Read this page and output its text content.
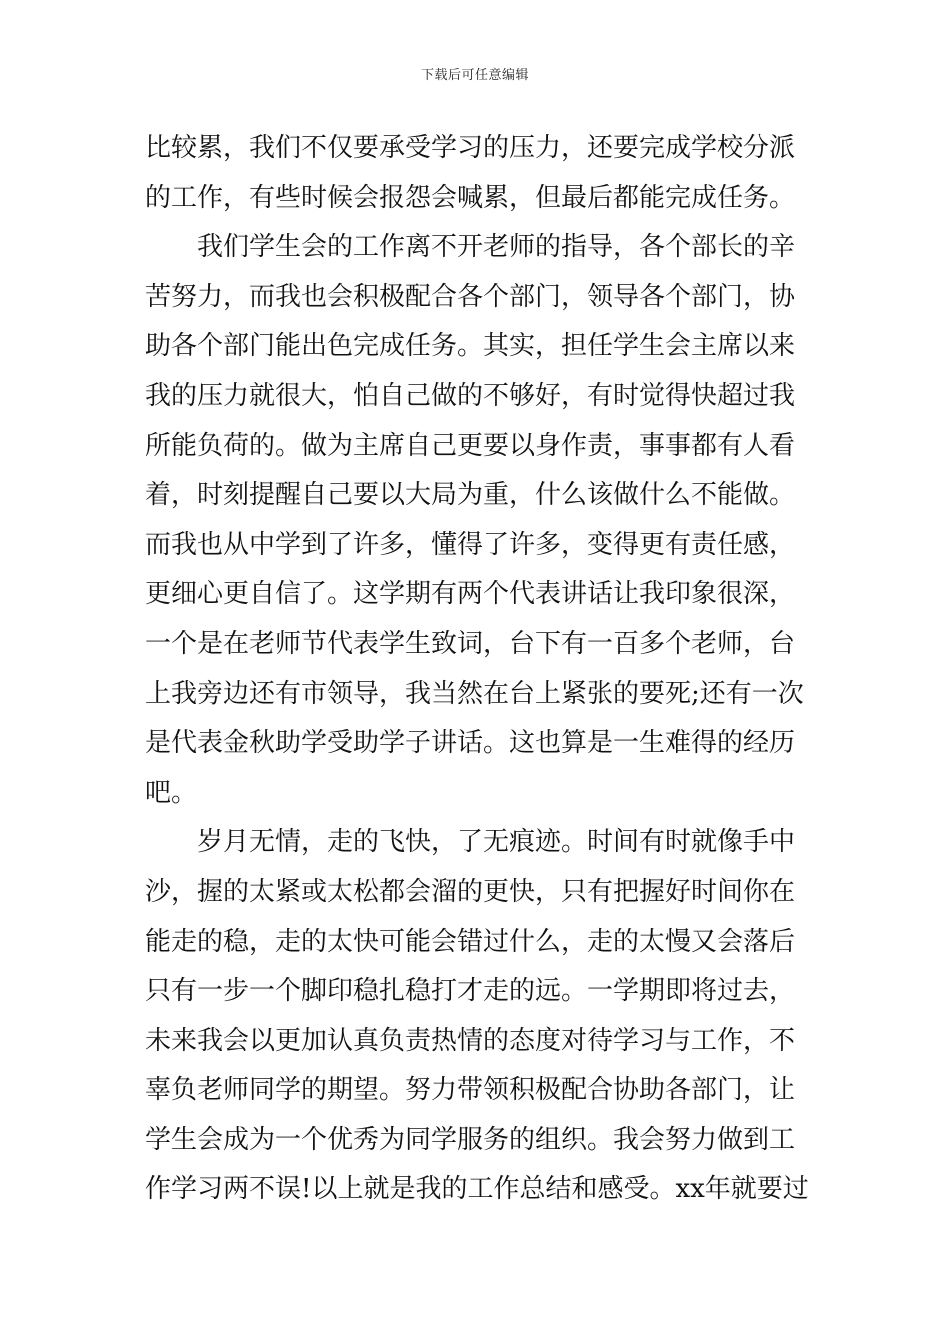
下载后可任意编辑
比较累，我们不仅要承受学习的压力，还要完成学校分派
的工作，有些时候会报怨会喊累，但最后都能完成任务。
我们学生会的工作离不开老师的指导，各个部长的辛
苦努力，而我也会积极配合各个部门，领导各个部门，协
助各个部门能出色完成任务。其实，担任学生会主席以来
我的压力就很大，怕自己做的不够好，有时觉得快超过我
所能负荷的。做为主席自己更要以身作责，事事都有人看
着，时刻提醒自己要以大局为重，什么该做什么不能做。
而我也从中学到了许多，懂得了许多，变得更有责任感，
更细心更自信了。这学期有两个代表讲话让我印象很深，
一个是在老师节代表学生致词，台下有一百多个老师，台
上我旁边还有市领导，我当然在台上紧张的要死;还有一次
是代表金秋助学受助学子讲话。这也算是一生难得的经历
吧。
岁月无情，走的飞快，了无痕迹。时间有时就像手中
沙，握的太紧或太松都会溜的更快，只有把握好时间你在
能走的稳，走的太快可能会错过什么，走的太慢又会落后
只有一步一个脚印稳扎稳打才走的远。一学期即将过去，
未来我会以更加认真负责热情的态度对待学习与工作，不
辜负老师同学的期望。努力带领积极配合协助各部门，让
学生会成为一个优秀为同学服务的组织。我会努力做到工
作学习两不误!以上就是我的工作总结和感受。xx年就要过
